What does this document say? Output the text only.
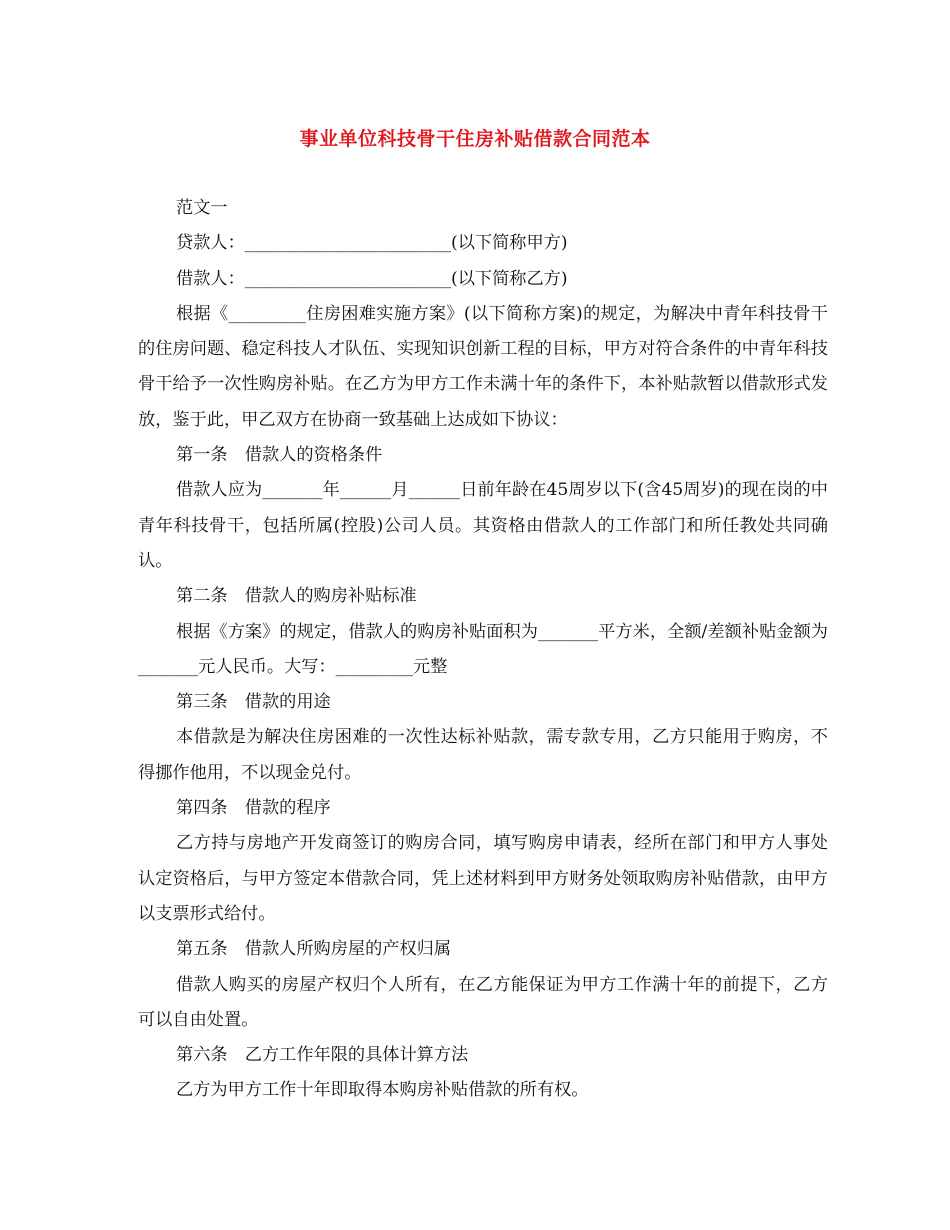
事业单位科技骨干住房补贴借款合同范本

范文一

贷款人：________________________(以下简称甲方)

借款人：________________________(以下简称乙方)

根据《_________住房困难实施方案》(以下简称方案)的规定，为解决中青年科技骨干的住房问题、稳定科技人才队伍、实现知识创新工程的目标，甲方对符合条件的中青年科技骨干给予一次性购房补贴。在乙方为甲方工作未满十年的条件下，本补贴款暂以借款形式发放，鉴于此，甲乙双方在协商一致基础上达成如下协议：

第一条　借款人的资格条件

借款人应为_______年______月______日前年龄在45周岁以下(含45周岁)的现在岗的中青年科技骨干，包括所属(控股)公司人员。其资格由借款人的工作部门和所任教处共同确认。

第二条　借款人的购房补贴标准

根据《方案》的规定，借款人的购房补贴面积为_______平方米，全额/差额补贴金额为_______元人民币。大写：_________元整

第三条　借款的用途

本借款是为解决住房困难的一次性达标补贴款，需专款专用，乙方只能用于购房，不得挪作他用，不以现金兑付。

第四条　借款的程序

乙方持与房地产开发商签订的购房合同，填写购房申请表，经所在部门和甲方人事处认定资格后，与甲方签定本借款合同，凭上述材料到甲方财务处领取购房补贴借款，由甲方以支票形式给付。

第五条　借款人所购房屋的产权归属

借款人购买的房屋产权归个人所有，在乙方能保证为甲方工作满十年的前提下，乙方可以自由处置。

第六条　乙方工作年限的具体计算方法

乙方为甲方工作十年即取得本购房补贴借款的所有权。
